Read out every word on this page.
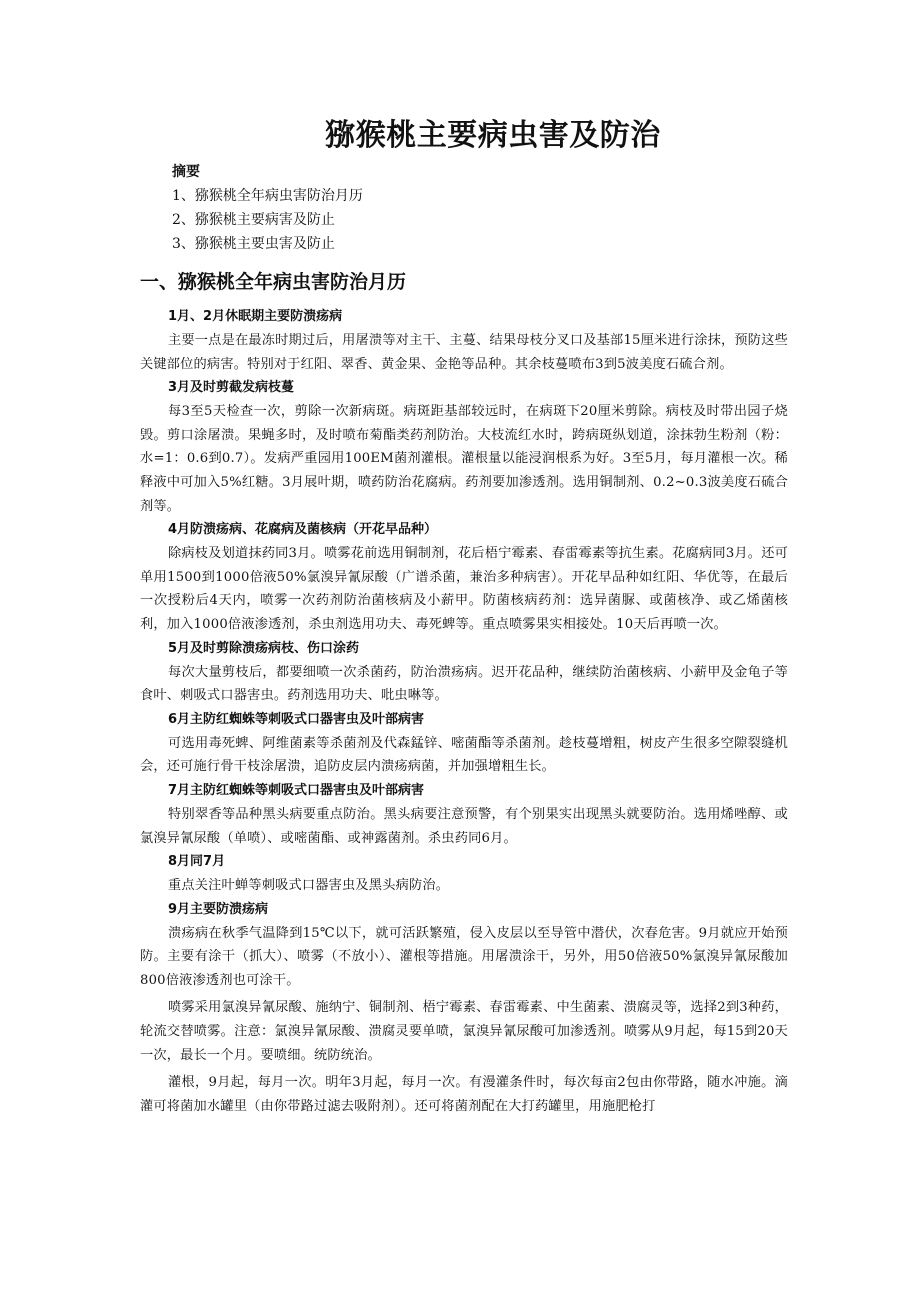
猕猴桃主要病虫害及防治
摘要
1、猕猴桃全年病虫害防治月历
2、猕猴桃主要病害及防止
3、猕猴桃主要虫害及防止
一、猕猴桃全年病虫害防治月历
1月、2月休眠期主要防溃疡病

主要一点是在最冻时期过后，用屠溃等对主干、主蔓、结果母枝分叉口及基部15厘米进行涂抹，预防这些关键部位的病害。特别对于红阳、翠香、黄金果、金艳等品种。其余枝蔓喷布3到5波美度石硫合剂。

3月及时剪截发病枝蔓

每3至5天检查一次，剪除一次新病斑。病斑距基部较远时，在病斑下20厘米剪除。病枝及时带出园子烧毁。剪口涂屠溃。果蝇多时，及时喷布菊酯类药剂防治。大枝流红水时，跨病斑纵划道，涂抹勃生粉剂（粉：水=1：0.6到0.7）。发病严重园用100EM菌剂灌根。灌根量以能浸润根系为好。3至5月，每月灌根一次。稀释液中可加入5%红糖。3月展叶期，喷药防治花腐病。药剂要加渗透剂。选用铜制剂、0.2~0.3波美度石硫合剂等。

4月防溃疡病、花腐病及菌核病（开花早品种）

除病枝及划道抹药同3月。喷雾花前选用铜制剂，花后梧宁霉素、春雷霉素等抗生素。花腐病同3月。还可单用1500到1000倍液50%氯溴异氰尿酸（广谱杀菌，兼治多种病害）。开花早品种如红阳、华优等，在最后一次授粉后4天内，喷雾一次药剂防治菌核病及小薪甲。防菌核病药剂：选异菌脲、或菌核净、或乙烯菌核利，加入1000倍液渗透剂，杀虫剂选用功夫、毒死蜱等。重点喷雾果实相接处。10天后再喷一次。

5月及时剪除溃疡病枝、伤口涂药

每次大量剪枝后，都要细喷一次杀菌药，防治溃疡病。迟开花品种，继续防治菌核病、小薪甲及金龟子等食叶、刺吸式口器害虫。药剂选用功夫、吡虫啉等。

6月主防红蜘蛛等刺吸式口器害虫及叶部病害

可选用毒死蜱、阿维菌素等杀菌剂及代森錳锌、嘧菌酯等杀菌剂。趁枝蔓增粗，树皮产生很多空隙裂缝机会，还可施行骨干枝涂屠溃，追防皮层内溃疡病菌，并加强增粗生长。

7月主防红蜘蛛等刺吸式口器害虫及叶部病害

特别翠香等品种黑头病要重点防治。黑头病要注意预警，有个别果实出现黑头就要防治。选用烯唑醇、或氯溴异氰尿酸（单喷）、或嘧菌酯、或神露菌剂。杀虫药同6月。

8月同7月

重点关注叶蝉等刺吸式口器害虫及黑头病防治。

9月主要防溃疡病

溃疡病在秋季气温降到15℃以下，就可活跃繁殖，侵入皮层以至导管中潜伏，次春危害。9月就应开始预防。主要有涂干（抓大）、喷雾（不放小）、灌根等措施。用屠溃涂干，另外，用50倍液50%氯溴异氰尿酸加800倍液渗透剂也可涂干。

喷雾采用氯溴异氰尿酸、施纳宁、铜制剂、梧宁霉素、春雷霉素、中生菌素、溃腐灵等，选择2到3种药，轮流交替喷雾。注意：氯溴异氰尿酸、溃腐灵要单喷，氯溴异氰尿酸可加渗透剂。喷雾从9月起，每15到20天一次，最长一个月。要喷细。统防统治。

灌根，9月起，每月一次。明年3月起，每月一次。有漫灌条件时，每次每亩2包由你带路，随水冲施。滴灌可将菌加水罐里（由你带路过滤去吸附剂）。还可将菌剂配在大打药罐里，用施肥枪打
